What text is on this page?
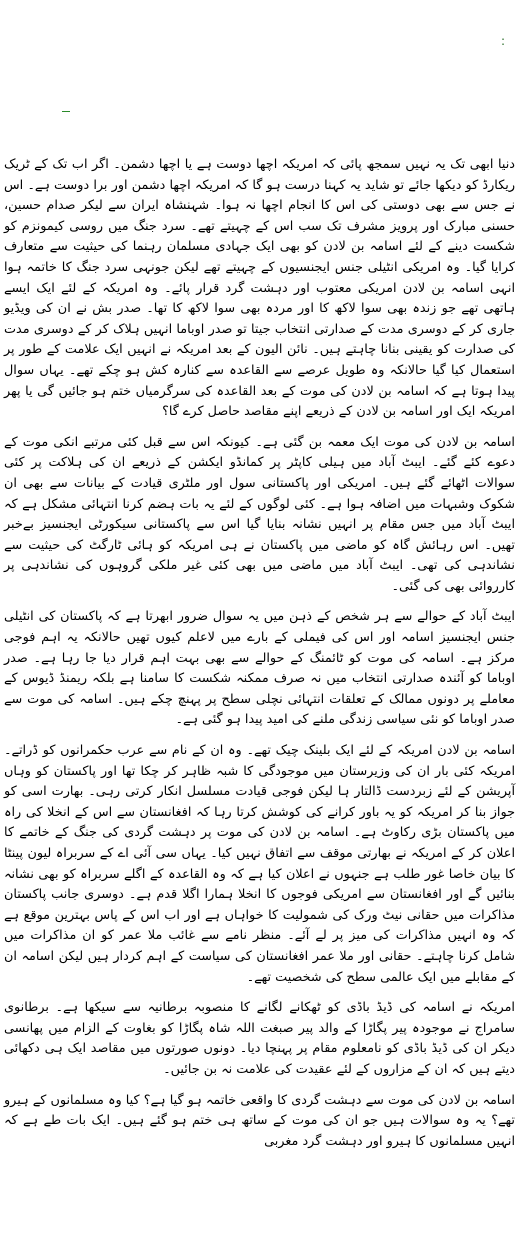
:

دنیا ابھی تک یہ نہیں سمجھ پائی کہ امریکہ اچھا دوست ہے یا اچھا دشمن۔ اگر اب تک کے ٹریک ریکارڈ کو دیکھا جائے تو شاید یہ کہنا درست ہو گا کہ امریکہ اچھا دشمن اور برا دوست ہے۔ اس نے جس سے بھی دوستی کی اس کا انجام اچھا نہ ہوا۔ شہنشاہ ایران سے لیکر صدام حسین، حسنی مبارک اور پرویز مشرف تک سب اس کے چہیتے تھے۔ سرد جنگ میں روسی کیمونزم کو شکست دینے کے لئے اسامہ بن لادن کو بھی ایک جہادی مسلمان رہنما کی حیثیت سے متعارف کرایا گیا۔ وہ امریکی انٹیلی جنس ایجنسیوں کے چہیتے تھے لیکن جونہی سرد جنگ کا خاتمہ ہوا انہی اسامہ بن لادن امریکی معتوب اور دہشت گرد قرار پائے۔ وہ امریکہ کے لئے ایک ایسے ہاتھی تھے جو زندہ بھی سوا لاکھ کا اور مردہ بھی سوا لاکھ کا تھا۔ صدر بش نے ان کی ویڈیو جاری کر کے دوسری مدت کے صدارتی انتخاب جیتا تو صدر اوباما انہیں ہلاک کر کے دوسری مدت کی صدارت کو یقینی بنانا چاہتے ہیں۔ نائن الیون کے بعد امریکہ نے انہیں ایک علامت کے طور پر استعمال کیا گیا حالانکہ وہ طویل عرصے سے القاعدہ سے کنارہ کش ہو چکے تھے۔ یہاں سوال پیدا ہوتا ہے کہ اسامہ بن لادن کی موت کے بعد القاعدہ کی سرگرمیاں ختم ہو جائیں گی یا پھر امریکہ ایک اور اسامہ بن لادن کے ذریعے اپنے مقاصد حاصل کرے گا؟

اسامہ بن لادن کی موت ایک معمہ بن گئی ہے۔ کیونکہ اس سے قبل کئی مرتبے انکی موت کے دعوے کئے گئے۔ ایبٹ آباد میں ہیلی کاپٹر پر کمانڈو ایکشن کے ذریعے ان کی ہلاکت پر کئی سوالات اٹھائے گئے ہیں۔ امریکی اور پاکستانی سول اور ملٹری قیادت کے بیانات سے بھی ان شکوک وشبہات میں اضافہ ہوا ہے۔ کئی لوگوں کے لئے یہ بات ہضم کرنا انتہائی مشکل ہے کہ ایبٹ آباد میں جس مقام پر انہیں نشانہ بنایا گیا اس سے پاکستانی سیکورٹی ایجنسیز بےخبر تھیں۔ اس رہائش گاہ کو ماضی میں پاکستان نے ہی امریکہ کو ہائی ٹارگٹ کی حیثیت سے نشاندہی کی تھی۔ ایبٹ آباد میں ماضی میں بھی کئی غیر ملکی گروہوں کی نشاندہی پر کارروائی بھی کی گئی۔

ایبٹ آباد کے حوالے سے ہر شخص کے ذہن میں یہ سوال ضرور ابھرتا ہے کہ پاکستان کی انٹیلی جنس ایجنسیز اسامہ اور اس کی فیملی کے بارے میں لاعلم کیوں تھیں حالانکہ یہ اہم فوجی مرکز ہے۔ اسامہ کی موت کو ٹائمنگ کے حوالے سے بھی بہت اہم قرار دیا جا رہا ہے۔ صدر اوباما کو آئندہ صدارتی انتخاب میں نہ صرف ممکنہ شکست کا سامنا ہے بلکہ ریمنڈ ڈیوس کے معاملے پر دونوں ممالک کے تعلقات انتہائی نچلی سطح پر پہنچ چکے ہیں۔ اسامہ کی موت سے صدر اوباما کو نئی سیاسی زندگی ملنے کی امید پیدا ہو گئی ہے۔

اسامہ بن لادن امریکہ کے لئے ایک بلینک چیک تھے۔ وہ ان کے نام سے عرب حکمرانوں کو ڈراتے۔ امریکہ کئی بار ان کی وزیرستان میں موجودگی کا شبہ ظاہر کر چکا تھا اور پاکستان کو وہاں آپریشن کے لئے زبردست ڈالتار ہا لیکن فوجی قیادت مسلسل انکار کرتی رہی۔ بھارت اسی کو جواز بنا کر امریکہ کو یہ باور کرانے کی کوشش کرتا رہا کہ افغانستان سے اس کے انخلا کی راہ میں پاکستان بڑی رکاوٹ ہے۔ اسامہ بن لادن کی موت پر دہشت گردی کی جنگ کے خاتمے کا اعلان کر کے امریکہ نے بھارتی موقف سے اتفاق نہیں کیا۔ یہاں سی آئی اے کے سربراہ لیون پینٹا کا بیان خاصا غور طلب ہے جنہوں نے اعلان کیا ہے کہ وہ القاعدہ کے اگلے سربراہ کو بھی نشانہ بنائیں گے اور افغانستان سے امریکی فوجوں کا انخلا ہمارا اگلا قدم ہے۔ دوسری جانب پاکستان مذاکرات میں حقانی نیٹ ورک کی شمولیت کا خواہاں ہے اور اب اس کے پاس بہترین موقع ہے کہ وہ انہیں مذاکرات کی میز پر لے آئے۔ منظر نامے سے غائب ملا عمر کو ان مذاکرات میں شامل کرنا چاہتے۔ حقانی اور ملا عمر افغانستان کی سیاست کے اہم کردار ہیں لیکن اسامہ ان کے مقابلے میں ایک عالمی سطح کی شخصیت تھے۔

امریکہ نے اسامہ کی ڈیڈ باڈی کو ٹھکانے لگانے کا منصوبہ برطانیہ سے سیکھا ہے۔ برطانوی سامراج نے موجودہ پیر پگاڑا کے والد پیر صبغت اللہ شاہ پگاڑا کو بغاوت کے الزام میں پھانسی دیکر ان کی ڈیڈ باڈی کو نامعلوم مقام پر پہنچا دیا۔ دونوں صورتوں میں مقاصد ایک ہی دکھائی دیتے ہیں کہ ان کے مزاروں کے لئے عقیدت کی علامت نہ بن جائیں۔

اسامہ بن لادن کی موت سے دہشت گردی کا واقعی خاتمہ ہو گیا ہے؟ کیا وہ مسلمانوں کے ہیرو تھے؟ یہ وہ سوالات ہیں جو ان کی موت کے ساتھ ہی ختم ہو گئے ہیں۔ ایک بات طے ہے کہ انہیں مسلمانوں کا ہیرو اور دہشت گرد مغربی
